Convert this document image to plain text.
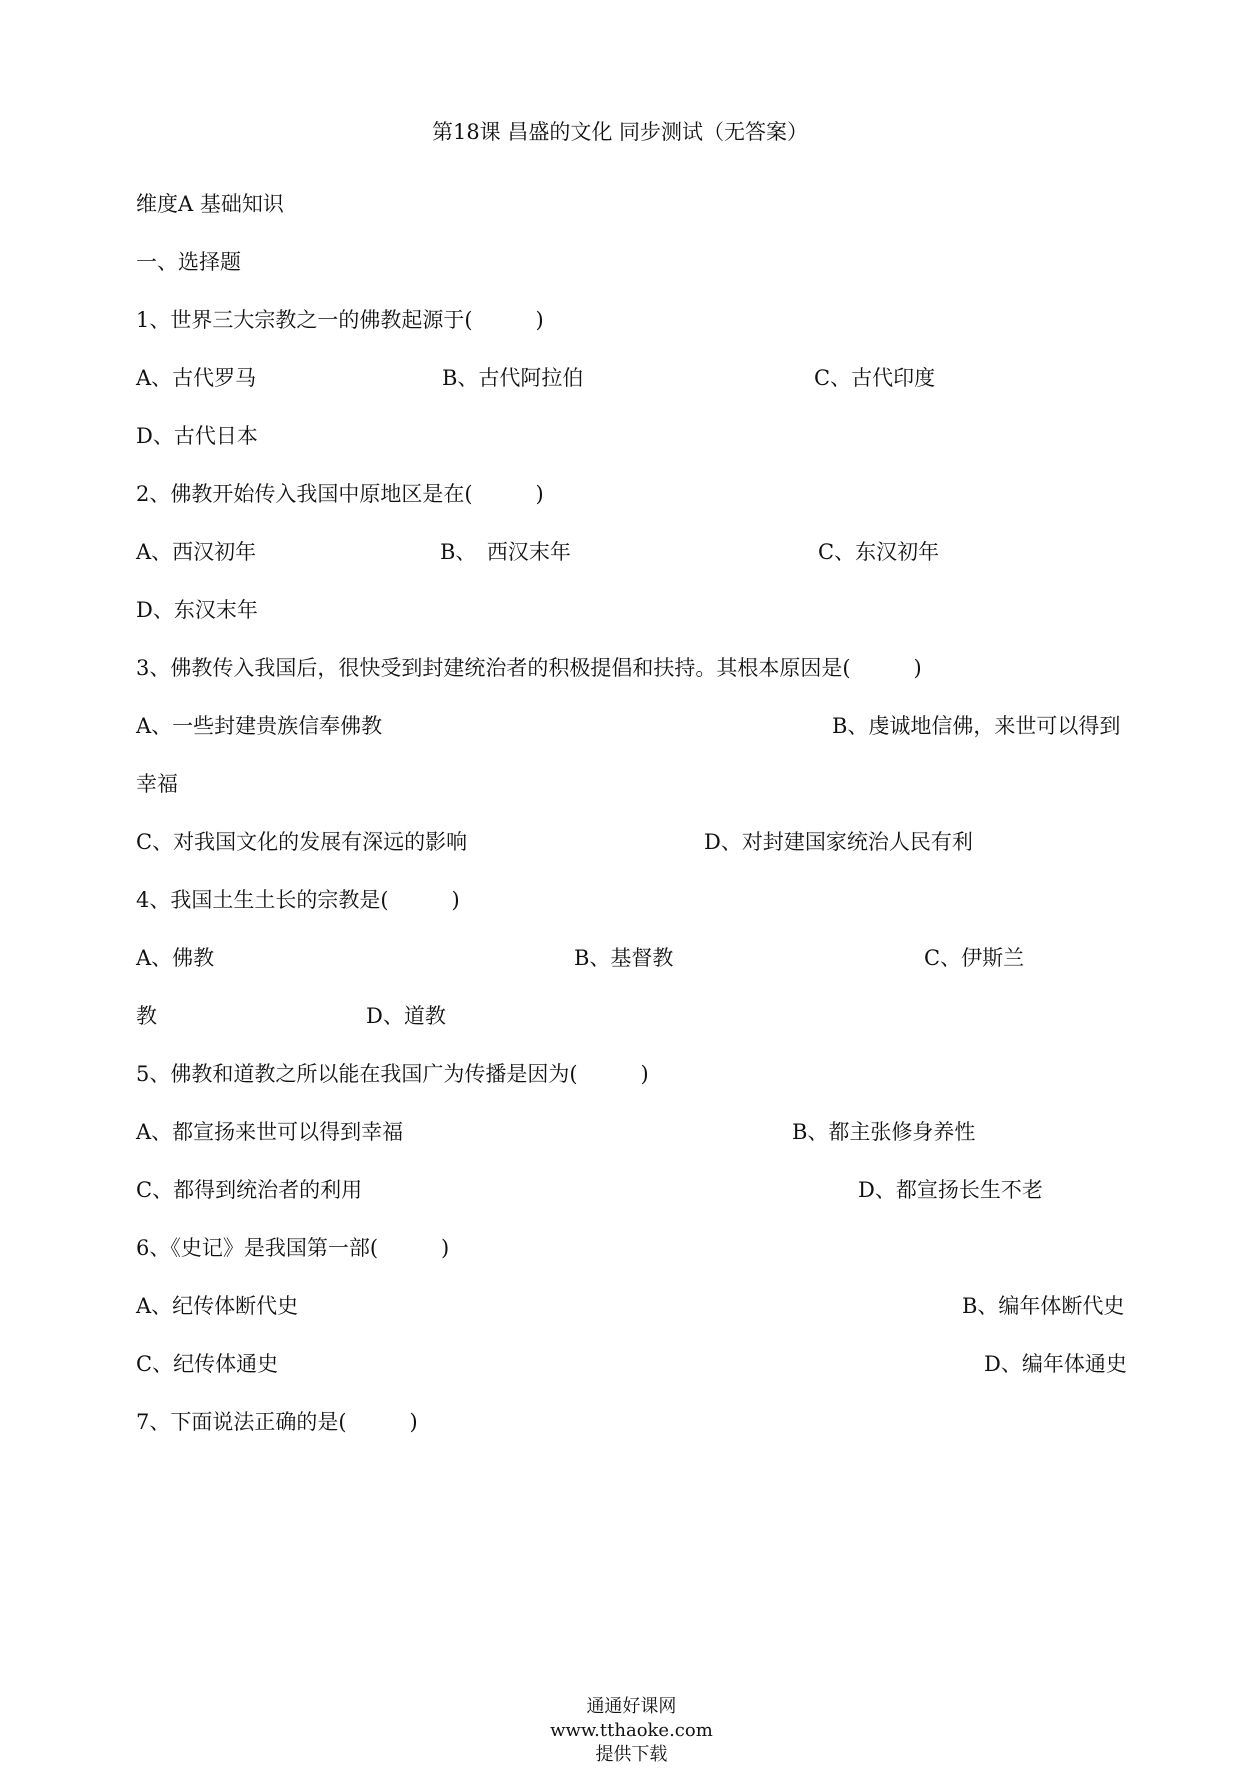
第18课 昌盛的文化 同步测试（无答案）
维度A 基础知识
一、选择题
1、世界三大宗教之一的佛教起源于(　　　)
A、古代罗马	B、古代阿拉伯	C、古代印度
D、古代日本
2、佛教开始传入我国中原地区是在(　　　)
A、西汉初年	B、　西汉末年	C、东汉初年
D、东汉末年
3、佛教传入我国后，很快受到封建统治者的积极提倡和扶持。其根本原因是(　　　)
A、一些封建贵族信奉佛教	B、虔诚地信佛，来世可以得到
幸福
C、对我国文化的发展有深远的影响	D、对封建国家统治人民有利
4、我国土生土长的宗教是(　　　)
A、佛教	B、基督教	C、伊斯兰
教	D、道教
5、佛教和道教之所以能在我国广为传播是因为(　　　)
A、都宣扬来世可以得到幸福	B、都主张修身养性
C、都得到统治者的利用	D、都宣扬长生不老
6、《史记》是我国第一部(　　　)
A、纪传体断代史	B、编年体断代史
C、纪传体通史	D、编年体通史
7、下面说法正确的是(　　　)

通通好课网
www.tthaoke.com
提供下载
